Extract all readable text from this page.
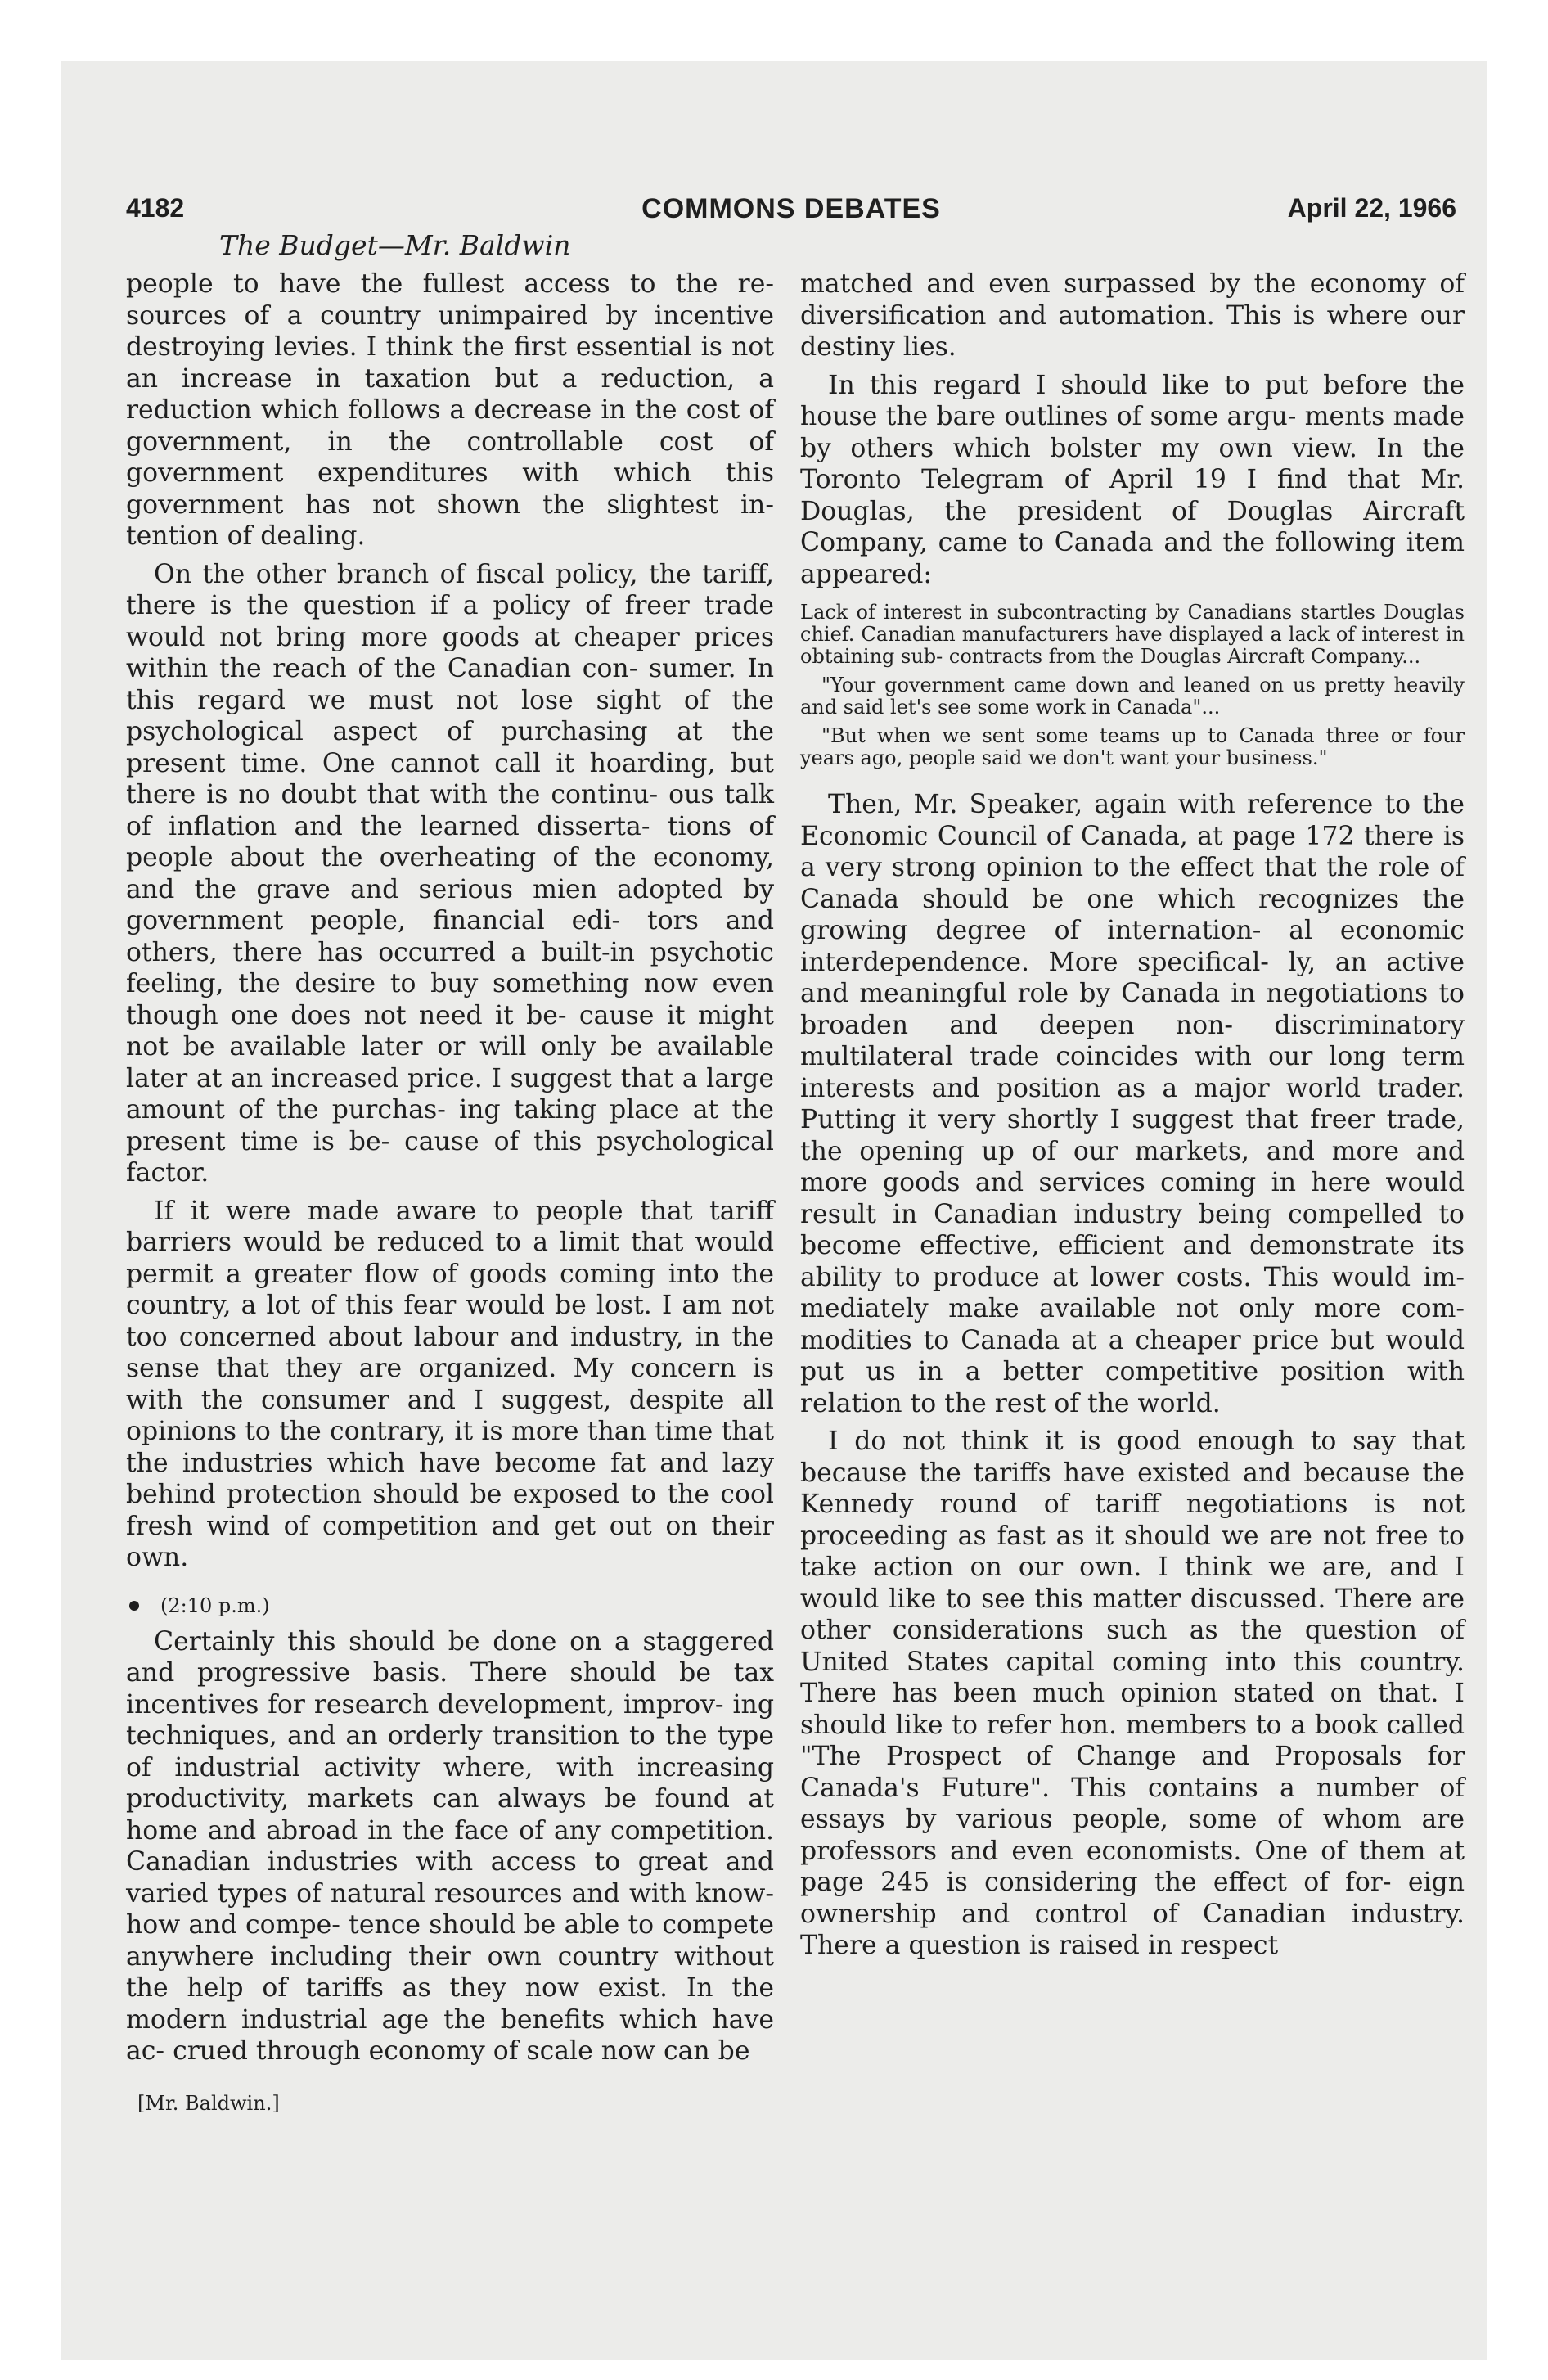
4182	COMMONS DEBATES	April 22, 1966
The Budget—Mr. Baldwin

people to have the fullest access to the re- sources of a country unimpaired by incentive destroying levies. I think the first essential is not an increase in taxation but a reduction, a reduction which follows a decrease in the cost of government, in the controllable cost of government expenditures with which this government has not shown the slightest in- tention of dealing.

On the other branch of fiscal policy, the tariff, there is the question if a policy of freer trade would not bring more goods at cheaper prices within the reach of the Canadian con- sumer. In this regard we must not lose sight of the psychological aspect of purchasing at the present time. One cannot call it hoarding, but there is no doubt that with the continu- ous talk of inflation and the learned disserta- tions of people about the overheating of the economy, and the grave and serious mien adopted by government people, financial edi- tors and others, there has occurred a built-in psychotic feeling, the desire to buy something now even though one does not need it be- cause it might not be available later or will only be available later at an increased price. I suggest that a large amount of the purchas- ing taking place at the present time is be- cause of this psychological factor.

If it were made aware to people that tariff barriers would be reduced to a limit that would permit a greater flow of goods coming into the country, a lot of this fear would be lost. I am not too concerned about labour and industry, in the sense that they are organized. My concern is with the consumer and I suggest, despite all opinions to the contrary, it is more than time that the industries which have become fat and lazy behind protection should be exposed to the cool fresh wind of competition and get out on their own.

(2:10 p.m.)

Certainly this should be done on a staggered and progressive basis. There should be tax incentives for research development, improv- ing techniques, and an orderly transition to the type of industrial activity where, with increasing productivity, markets can always be found at home and abroad in the face of any competition. Canadian industries with access to great and varied types of natural resources and with know-how and compe- tence should be able to compete anywhere including their own country without the help of tariffs as they now exist. In the modern industrial age the benefits which have ac- crued through economy of scale now can be

[Mr. Baldwin.]

matched and even surpassed by the economy of diversification and automation. This is where our destiny lies.

In this regard I should like to put before the house the bare outlines of some argu- ments made by others which bolster my own view. In the Toronto Telegram of April 19 I find that Mr. Douglas, the president of Douglas Aircraft Company, came to Canada and the following item appeared:

Lack of interest in subcontracting by Canadians startles Douglas chief. Canadian manufacturers have displayed a lack of interest in obtaining sub- contracts from the Douglas Aircraft Company...

"Your government came down and leaned on us pretty heavily and said let's see some work in Canada"...

"But when we sent some teams up to Canada three or four years ago, people said we don't want your business."

Then, Mr. Speaker, again with reference to the Economic Council of Canada, at page 172 there is a very strong opinion to the effect that the role of Canada should be one which recognizes the growing degree of internation- al economic interdependence. More specifical- ly, an active and meaningful role by Canada in negotiations to broaden and deepen non- discriminatory multilateral trade coincides with our long term interests and position as a major world trader. Putting it very shortly I suggest that freer trade, the opening up of our markets, and more and more goods and services coming in here would result in Canadian industry being compelled to become effective, efficient and demonstrate its ability to produce at lower costs. This would im- mediately make available not only more com- modities to Canada at a cheaper price but would put us in a better competitive position with relation to the rest of the world.

I do not think it is good enough to say that because the tariffs have existed and because the Kennedy round of tariff negotiations is not proceeding as fast as it should we are not free to take action on our own. I think we are, and I would like to see this matter discussed. There are other considerations such as the question of United States capital coming into this country. There has been much opinion stated on that. I should like to refer hon. members to a book called "The Prospect of Change and Proposals for Canada's Future". This contains a number of essays by various people, some of whom are professors and even economists. One of them at page 245 is considering the effect of for- eign ownership and control of Canadian industry. There a question is raised in respect
